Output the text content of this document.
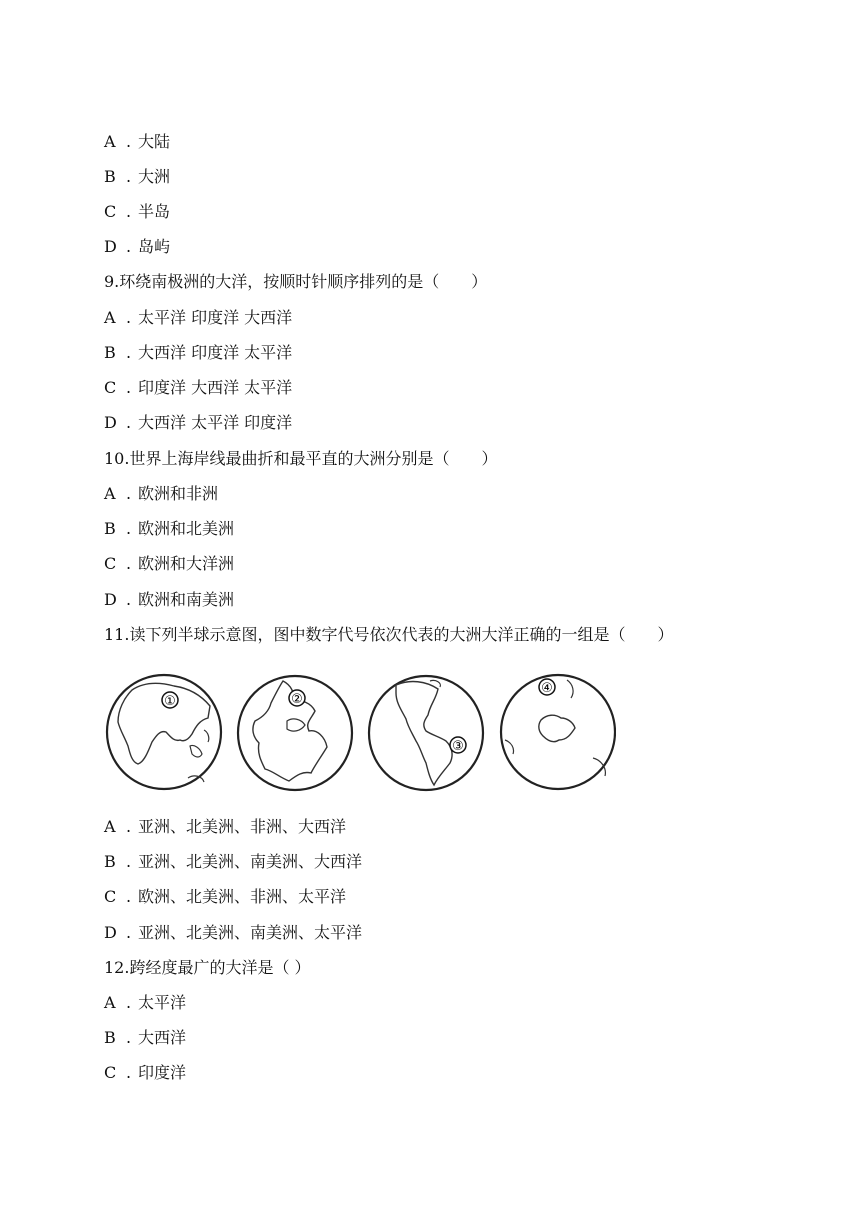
A . 大陆
B . 大洲
C . 半岛
D . 岛屿
9.环绕南极洲的大洋，按顺时针顺序排列的是（　　）
A . 太平洋 印度洋 大西洋
B . 大西洋 印度洋 太平洋
C . 印度洋 大西洋 太平洋
D . 大西洋 太平洋 印度洋
10.世界上海岸线最曲折和最平直的大洲分别是（　　）
A . 欧洲和非洲
B . 欧洲和北美洲
C . 欧洲和大洋洲
D . 欧洲和南美洲
11.读下列半球示意图，图中数字代号依次代表的大洲大洋正确的一组是（　　）
①	②
③
④
A . 亚洲、北美洲、非洲、大西洋
B . 亚洲、北美洲、南美洲、大西洋
C . 欧洲、北美洲、非洲、太平洋
D . 亚洲、北美洲、南美洲、太平洋
12.跨经度最广的大洋是（ ）
A . 太平洋
B . 大西洋
C . 印度洋
